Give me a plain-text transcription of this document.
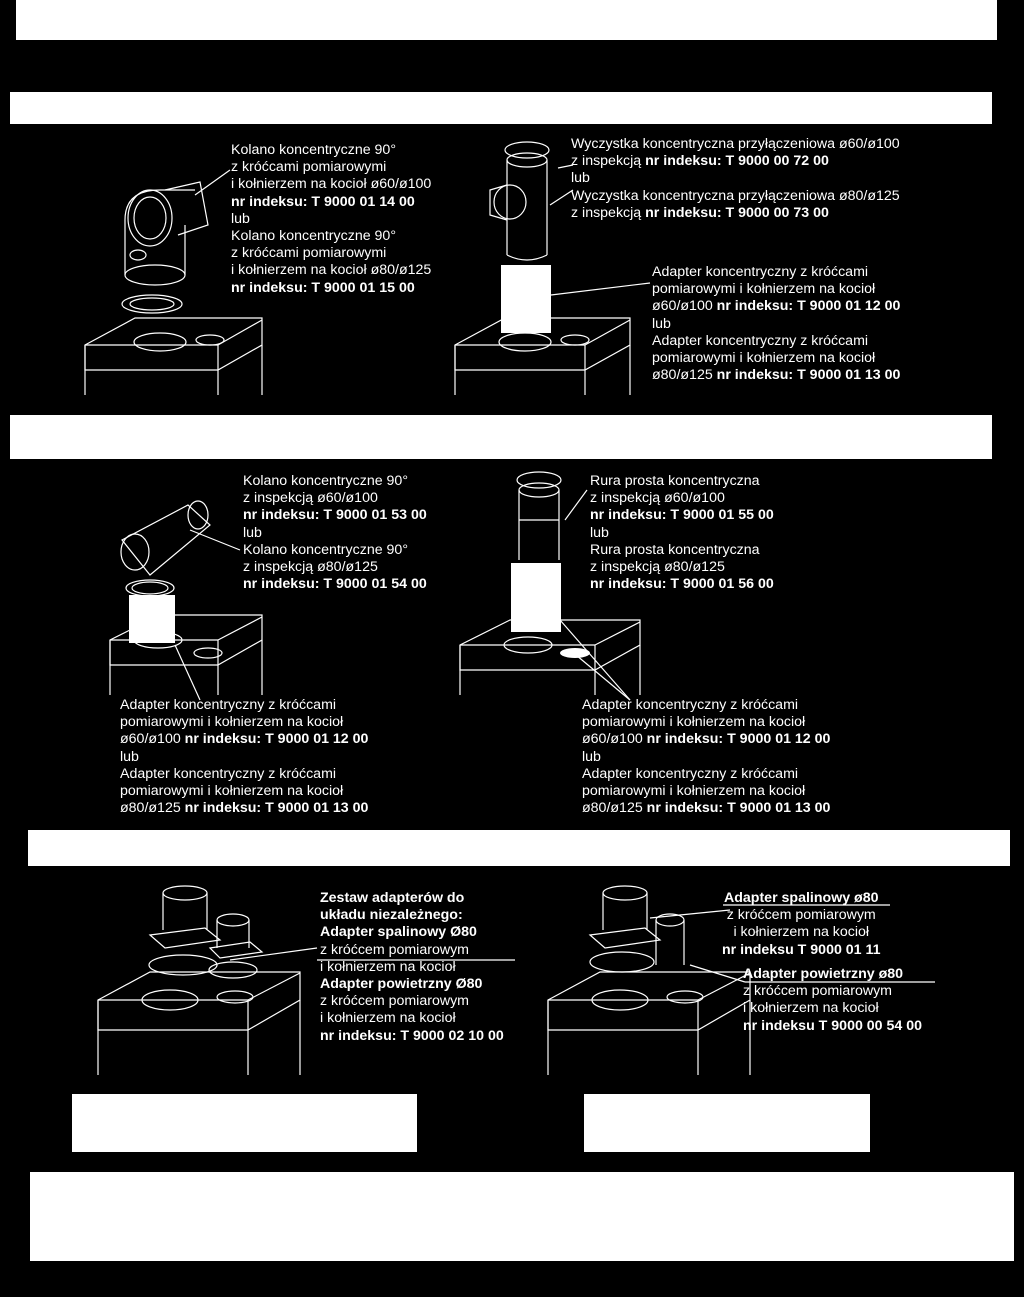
Kolano koncentryczne 90°
z króćcami pomiarowymi
i kołnierzem na kocioł ø60/ø100
nr indeksu: T 9000 01 14 00
lub
Kolano koncentryczne 90°
z króćcami pomiarowymi
i kołnierzem na kocioł ø80/ø125
nr indeksu: T 9000 01 15 00
Wyczystka koncentryczna przyłączeniowa ø60/ø100
z inspekcją nr indeksu: T 9000 00 72 00
lub
Wyczystka koncentryczna przyłączeniowa ø80/ø125
z inspekcją nr indeksu: T 9000 00 73 00
Adapter koncentryczny z króćcami
pomiarowymi i kołnierzem na kocioł
ø60/ø100 nr indeksu: T 9000 01 12 00
lub
Adapter koncentryczny z króćcami
pomiarowymi i kołnierzem na kocioł
ø80/ø125 nr indeksu: T 9000 01 13 00
Kolano koncentryczne 90°
z inspekcją ø60/ø100
nr indeksu: T 9000 01 53 00
lub
Kolano koncentryczne 90°
z inspekcją ø80/ø125
nr indeksu: T 9000 01 54 00
Rura prosta koncentryczna
z inspekcją ø60/ø100
nr indeksu: T 9000 01 55 00
lub
Rura prosta koncentryczna
z inspekcją ø80/ø125
nr indeksu: T 9000 01 56 00
Adapter koncentryczny z króćcami
pomiarowymi i kołnierzem na kocioł
ø60/ø100 nr indeksu: T 9000 01 12 00
lub
Adapter koncentryczny z króćcami
pomiarowymi i kołnierzem na kocioł
ø80/ø125 nr indeksu: T 9000 01 13 00
Adapter koncentryczny z króćcami
pomiarowymi i kołnierzem na kocioł
ø60/ø100 nr indeksu: T 9000 01 12 00
lub
Adapter koncentryczny z króćcami
pomiarowymi i kołnierzem na kocioł
ø80/ø125 nr indeksu: T 9000 01 13 00
Zestaw adapterów do
układu niezależnego:
Adapter spalinowy Ø80
z króćcem pomiarowym
i kołnierzem na kocioł
Adapter powietrzny Ø80
z króćcem pomiarowym
i kołnierzem na kocioł
nr indeksu: T 9000 02 10 00
Adapter spalinowy ø80
z króćcem pomiarowym
i kołnierzem na kocioł
nr indeksu T 9000 01 11
Adapter powietrzny ø80
z króćcem pomiarowym
i kołnierzem na kocioł
nr indeksu T 9000 00 54 00
